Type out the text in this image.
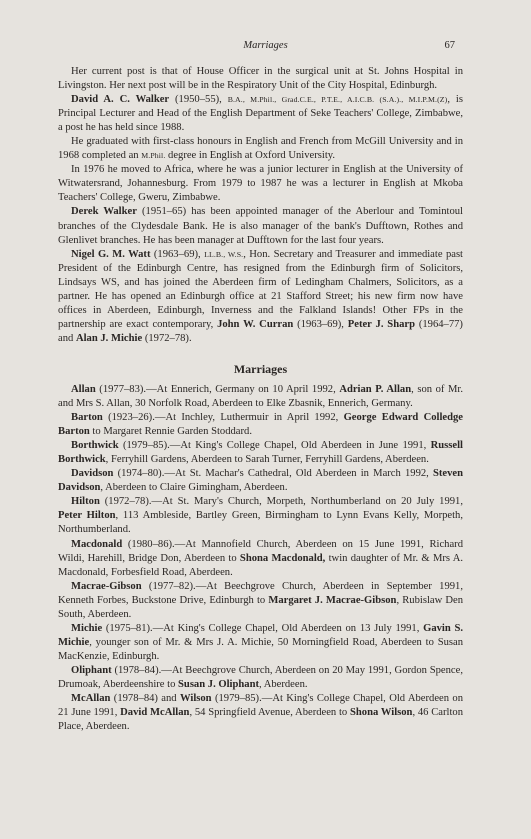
Marriages	67

Her current post is that of House Officer in the surgical unit at St. Johns Hospital in Livingston. Her next post will be in the Respiratory Unit of the City Hospital, Edinburgh.

David A. C. Walker (1950–55), B.A., M.Phil., Grad.C.E., P.T.E., A.I.C.B. (S.A.)., M.I.P.M.(Z), is Principal Lecturer and Head of the English Department of Seke Teachers' College, Zimbabwe, a post he has held since 1988.

He graduated with first-class honours in English and French from McGill University and in 1968 completed an M.Phil. degree in English at Oxford University.

In 1976 he moved to Africa, where he was a junior lecturer in English at the University of Witwatersrand, Johannesburg. From 1979 to 1987 he was a lecturer in English at Mkoba Teachers' College, Gweru, Zimbabwe.

Derek Walker (1951–65) has been appointed manager of the Aberlour and Tomintoul branches of the Clydesdale Bank. He is also manager of the bank's Dufftown, Rothes and Glenlivet branches. He has been manager at Dufftown for the last four years.

Nigel G. M. Watt (1963–69), LL.B., W.S., Hon. Secretary and Treasurer and immediate past President of the Edinburgh Centre, has resigned from the Edinburgh firm of Solicitors, Lindsays WS, and has joined the Aberdeen firm of Ledingham Chalmers, Solicitors, as a partner. He has opened an Edinburgh office at 21 Stafford Street; his new firm now have offices in Aberdeen, Edinburgh, Inverness and the Falkland Islands! Other FPs in the partnership are exact contemporary, John W. Curran (1963–69), Peter J. Sharp (1964–77) and Alan J. Michie (1972–78).

Marriages

Allan (1977–83).—At Ennerich, Germany on 10 April 1992, Adrian P. Allan, son of Mr. and Mrs S. Allan, 30 Norfolk Road, Aberdeen to Elke Zbasnik, Ennerich, Germany.

Barton (1923–26).—At Inchley, Luthermuir in April 1992, George Edward Colledge Barton to Margaret Rennie Garden Stoddard.

Borthwick (1979–85).—At King's College Chapel, Old Aberdeen in June 1991, Russell Borthwick, Ferryhill Gardens, Aberdeen to Sarah Turner, Ferryhill Gardens, Aberdeen.

Davidson (1974–80).—At St. Machar's Cathedral, Old Aberdeen in March 1992, Steven Davidson, Aberdeen to Claire Gimingham, Aberdeen.

Hilton (1972–78).—At St. Mary's Church, Morpeth, Northumberland on 20 July 1991, Peter Hilton, 113 Ambleside, Bartley Green, Birmingham to Lynn Evans Kelly, Morpeth, Northumberland.

Macdonald (1980–86).—At Mannofield Church, Aberdeen on 15 June 1991, Richard Wildi, Harehill, Bridge Don, Aberdeen to Shona Macdonald, twin daughter of Mr. & Mrs A. Macdonald, Forbesfield Road, Aberdeen.

Macrae-Gibson (1977–82).—At Beechgrove Church, Aberdeen in September 1991, Kenneth Forbes, Buckstone Drive, Edinburgh to Margaret J. Macrae-Gibson, Rubislaw Den South, Aberdeen.

Michie (1975–81).—At King's College Chapel, Old Aberdeen on 13 July 1991, Gavin S. Michie, younger son of Mr. & Mrs J. A. Michie, 50 Morningfield Road, Aberdeen to Susan MacKenzie, Edinburgh.

Oliphant (1978–84).—At Beechgrove Church, Aberdeen on 20 May 1991, Gordon Spence, Drumoak, Aberdeenshire to Susan J. Oliphant, Aberdeen.

McAllan (1978–84) and Wilson (1979–85).—At King's College Chapel, Old Aberdeen on 21 June 1991, David McAllan, 54 Springfield Avenue, Aberdeen to Shona Wilson, 46 Carlton Place, Aberdeen.
